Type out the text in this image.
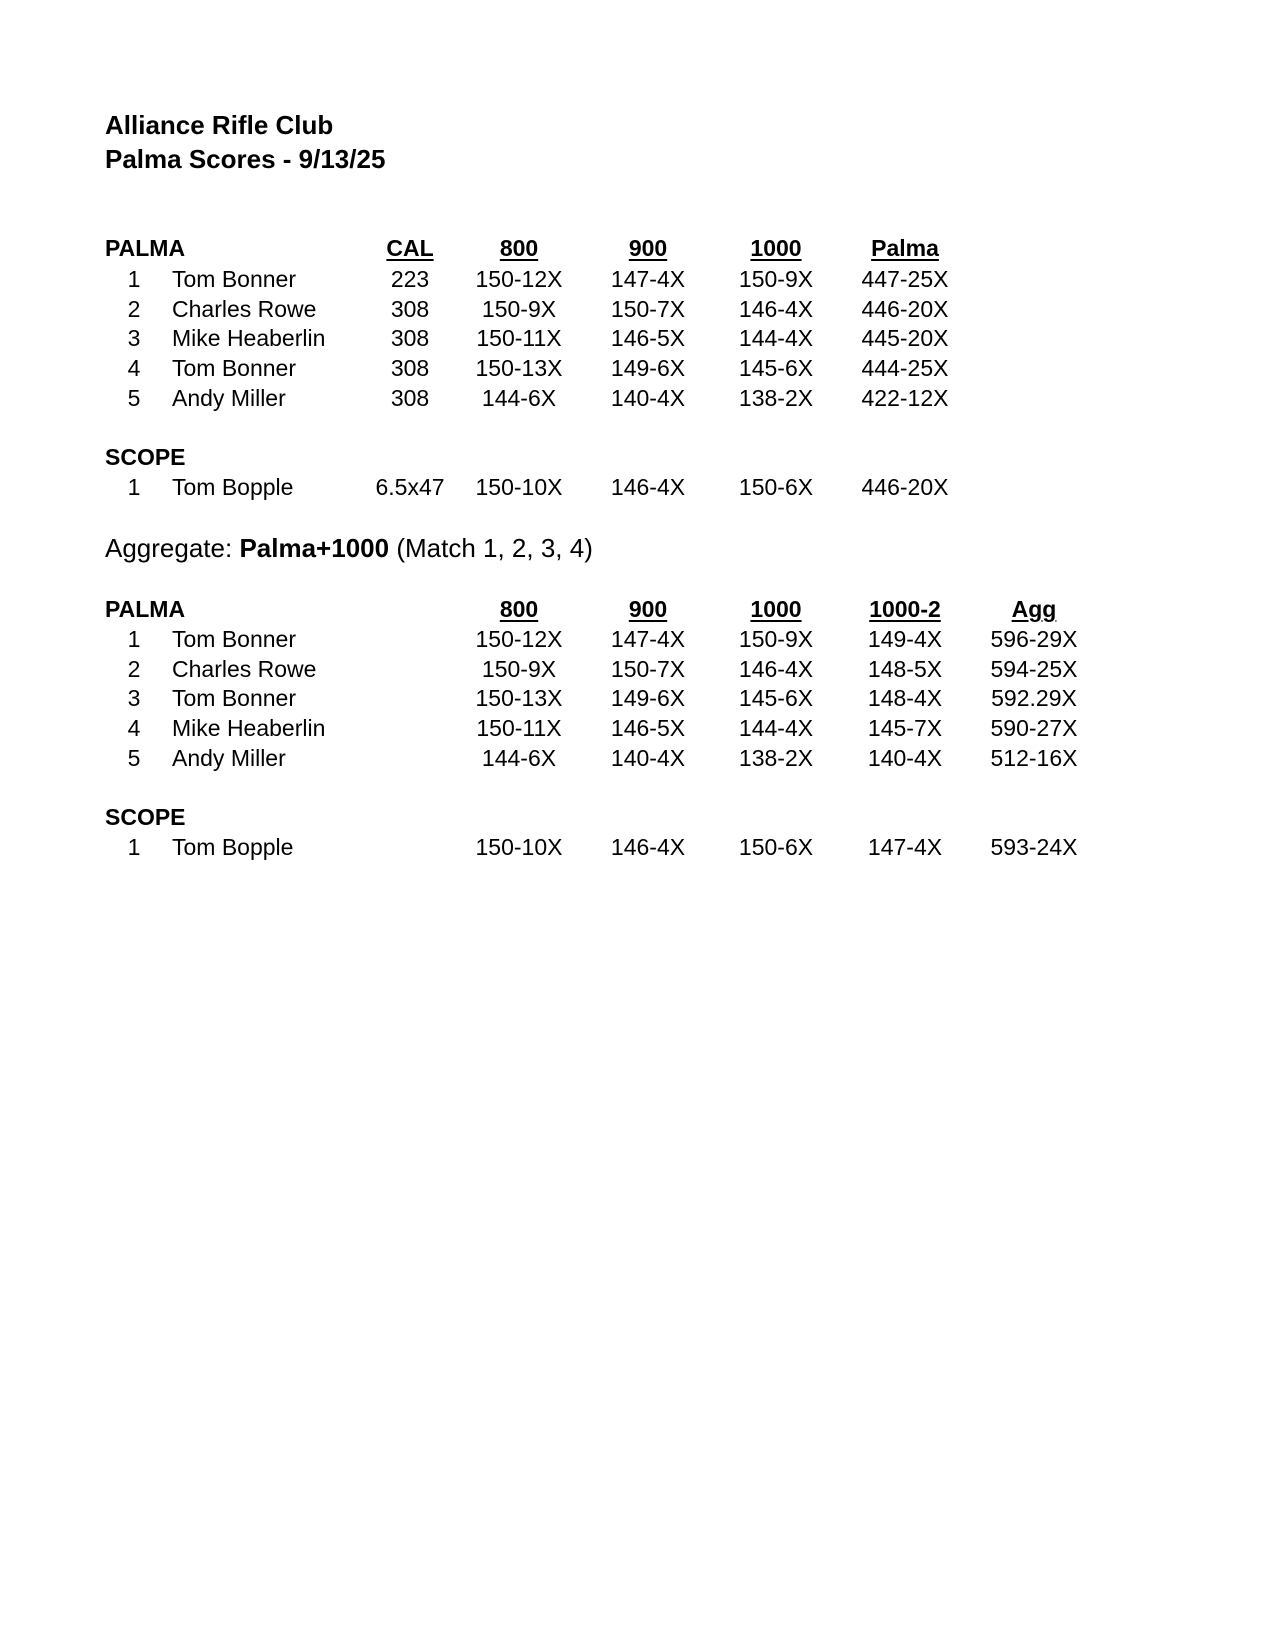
Alliance Rifle Club
Palma Scores - 9/13/25
PALMA	CAL	800	900	1000	Palma
1 Tom Bonner	223	150-12X	147-4X	150-9X	447-25X
2 Charles Rowe	308	150-9X	150-7X	146-4X	446-20X
3 Mike Heaberlin	308	150-11X	146-5X	144-4X	445-20X
4 Tom Bonner	308	150-13X	149-6X	145-6X	444-25X
5 Andy Miller	308	144-6X	140-4X	138-2X	422-12X
SCOPE
1 Tom Bopple	6.5x47	150-10X	146-4X	150-6X	446-20X
Aggregate: Palma+1000 (Match 1, 2, 3, 4)
PALMA	800	900	1000	1000-2	Agg
1 Tom Bonner	150-12X	147-4X	150-9X	149-4X	596-29X
2 Charles Rowe	150-9X	150-7X	146-4X	148-5X	594-25X
3 Tom Bonner	150-13X	149-6X	145-6X	148-4X	592.29X
4 Mike Heaberlin	150-11X	146-5X	144-4X	145-7X	590-27X
5 Andy Miller	144-6X	140-4X	138-2X	140-4X	512-16X
SCOPE
1 Tom Bopple	150-10X	146-4X	150-6X	147-4X	593-24X
